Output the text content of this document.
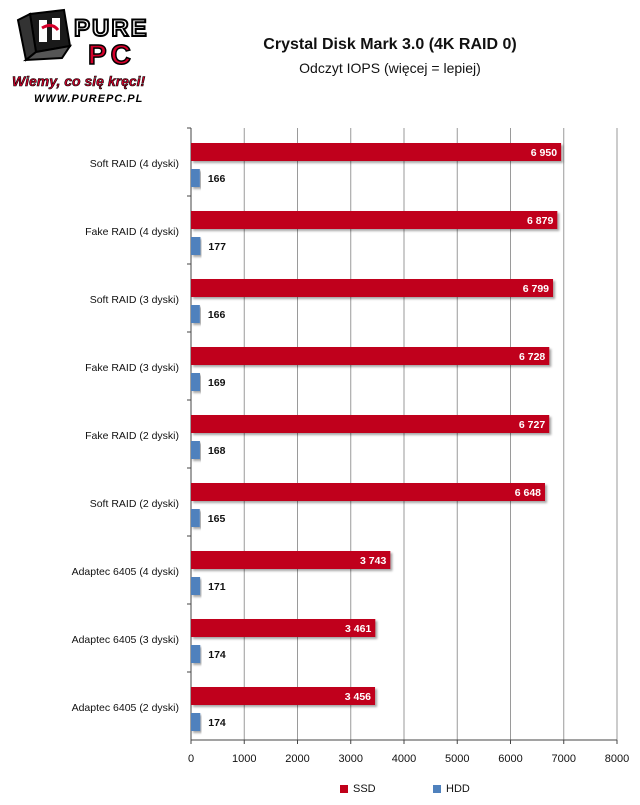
PURE
PC
Wiemy, co się kręci!
WWW.PUREPC.PL
Crystal Disk Mark 3.0 (4K RAID 0)
Odczyt IOPS (więcej = lepiej)
0	1000	2000	3000	4000	5000	6000	7000	8000
Soft RAID (4 dyski)
6 950
166
Fake RAID (4 dyski)
6 879
177
Soft RAID (3 dyski)
6 799
166
Fake RAID (3 dyski)
6 728
169
Fake RAID (2 dyski)
6 727
168
Soft RAID (2 dyski)
6 648
165
Adaptec 6405 (4 dyski)
3 743
171
Adaptec 6405 (3 dyski)
3 461
174
Adaptec 6405 (2 dyski)
3 456
174
SSD	HDD
